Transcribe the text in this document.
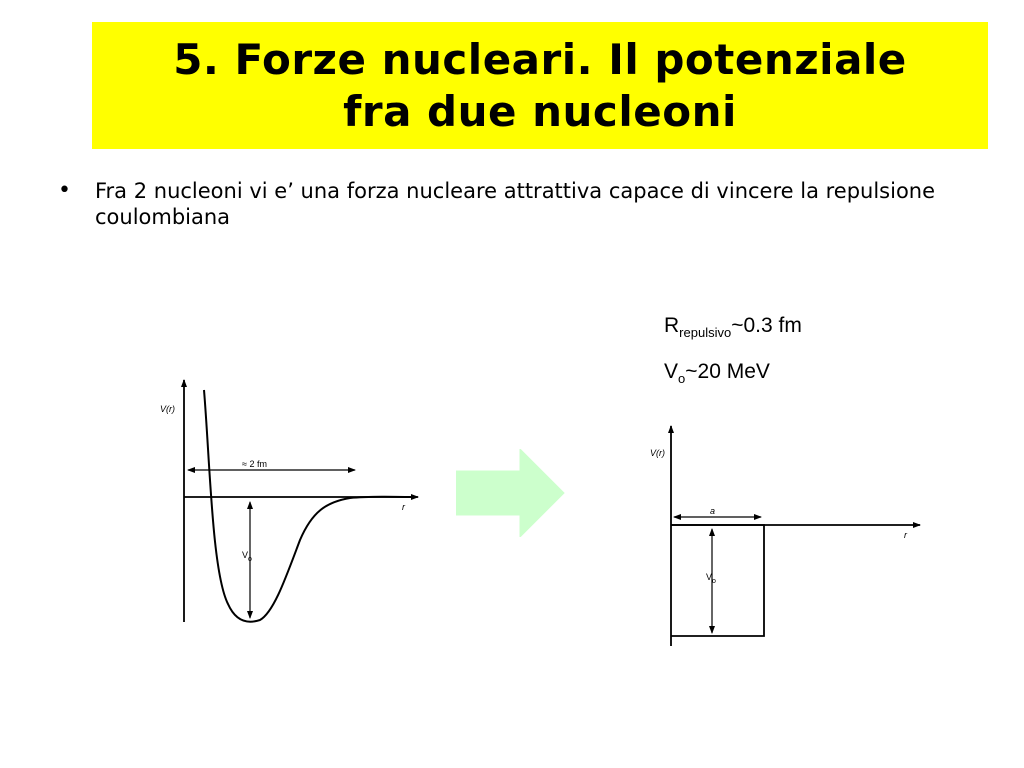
5. Forze nucleari. Il potenziale
fra due nucleoni
• Fra 2 nucleoni vi e’ una forza nucleare attrattiva capace di vincere la repulsione coulombiana
$R_{repulsivo}\sim 0.3$ fm
$V_o\sim 20$ MeV
V(r)
r
≈ 2 fm
$V_o$
V(r)
r
a
$V_o$
